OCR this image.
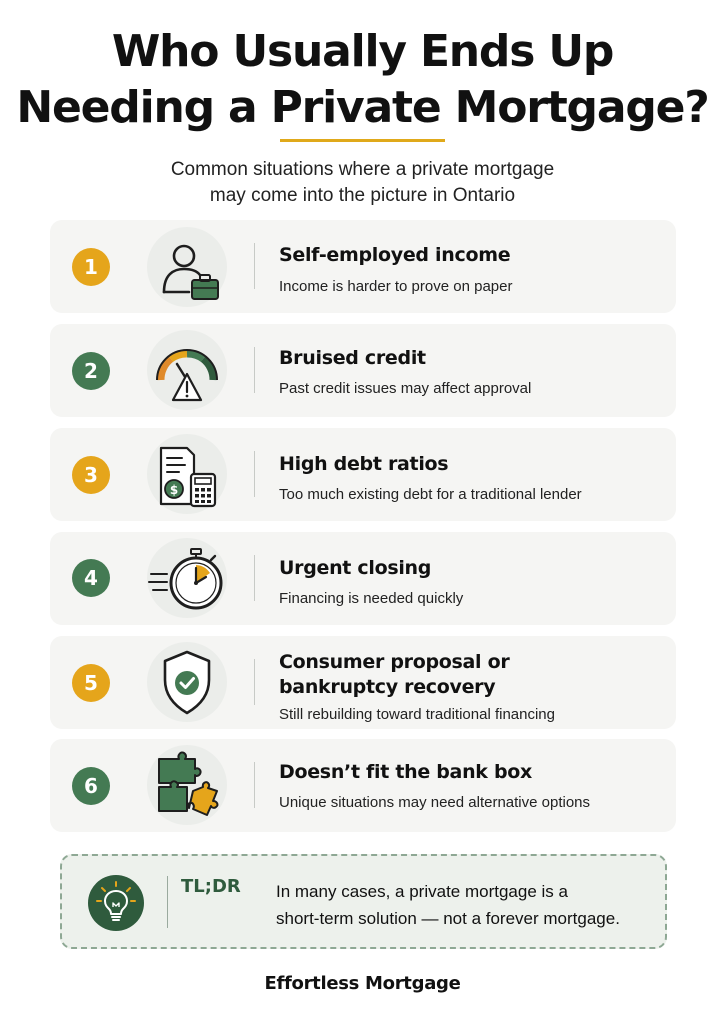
Who Usually Ends Up
Needing a Private Mortgage?
Common situations where a private mortgage
may come into the picture in Ontario
1	Self-employed income
Income is harder to prove on paper
2
Bruised credit
Past credit issues may affect approval
3
$
High debt ratios
Too much existing debt for a traditional lender
4	Urgent closing
Financing is needed quickly
5
Consumer proposal or
bankruptcy recovery
Still rebuilding toward traditional financing
6
Doesn’t fit the bank box
Unique situations may need alternative options
TL;DR In many cases, a private mortgage is a
short-term solution — not a forever mortgage.
Effortless Mortgage
